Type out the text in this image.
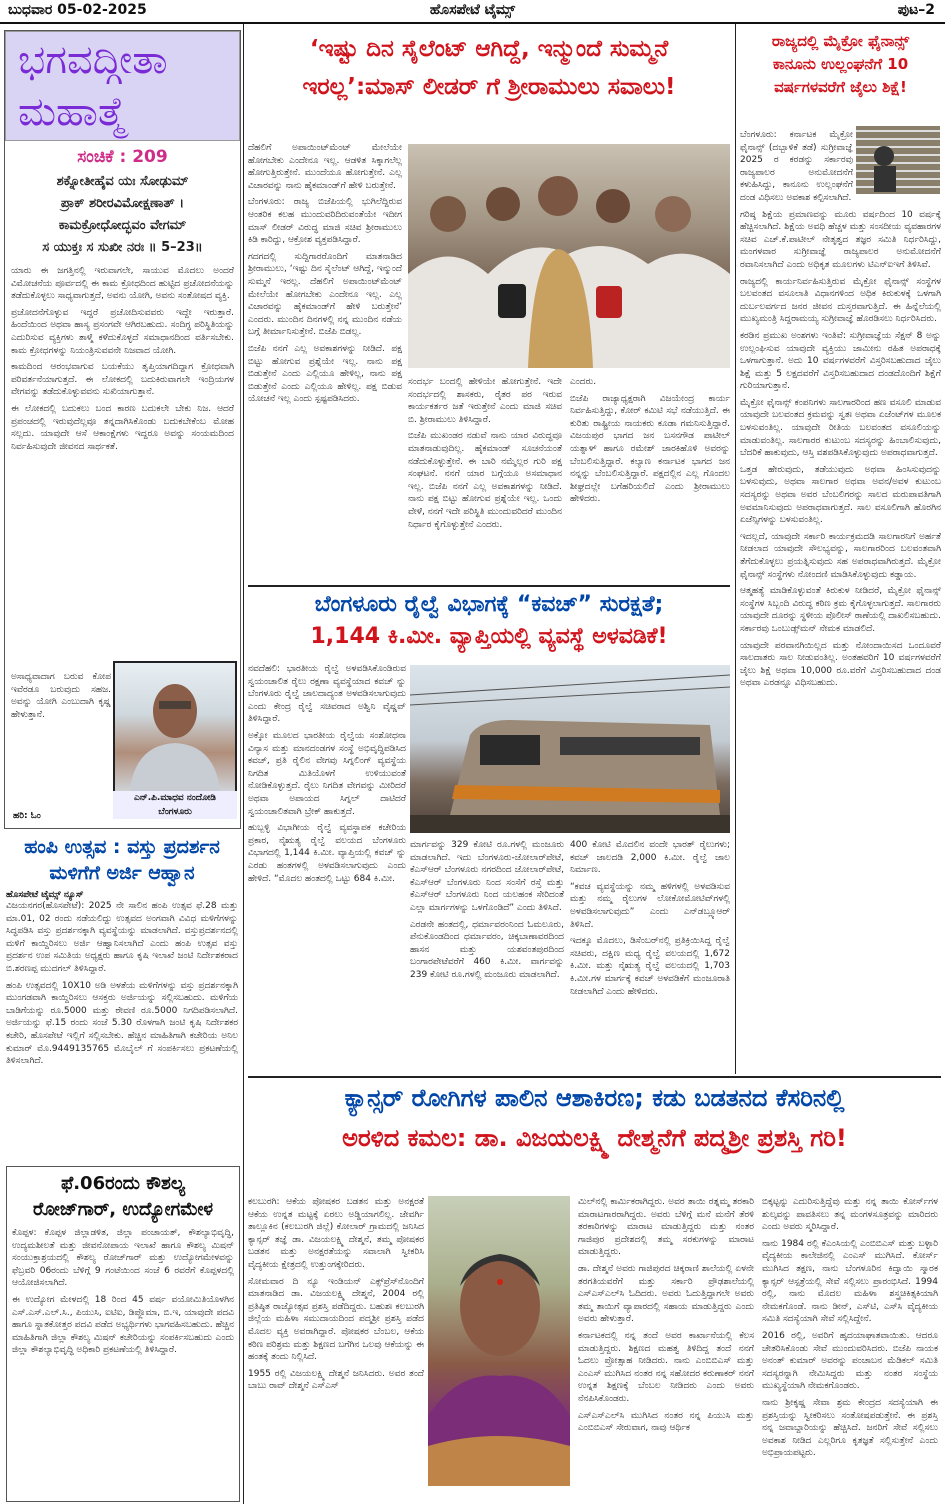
ಬುಧವಾರ 05-02-2025	ಹೊಸಪೇಟೆ ಟೈಮ್ಸ್	ಪುಟ–2
ಭಗವದ್ಗೀತಾ
ಮಹಾತ್ಮೆ
ಸಂಚಿಕೆ : 209
ಶಕ್ನೋತೀಹೈವ ಯಃ ಸೋಢುಮ್
ಪ್ರಾಕ್ ಶರೀರವಿಮೋಕ್ಷಣಾತ್ ।
ಕಾಮಕ್ರೋಧೋದ್ಭವಂ ವೇಗಮ್
ಸ ಯುಕ್ತಃ ಸ ಸುಖೀ ನರಃ ॥ 5–23॥

ಯಾರು ಈ ಜಗತ್ತಿನಲ್ಲಿ ಇರುವಾಗಲೇ, ಸಾಯುವ ಮೊದಲು ಅಂದರೆ ವಿಮೋಚನೆಯ ಪೂರ್ವದಲ್ಲಿ ಈ ಕಾಮ ಕ್ರೋಧದಿಂದ ಹುಟ್ಟಿದ ಪ್ರಚೋದನೆಯನ್ನು ತಡೆದುಕೊಳ್ಳಲು ಸಾಧ್ಯವಾಗುತ್ತದೆ, ಅವನು ಯೋಗಿ, ಅವನು ಸಂತೋಷದ ವ್ಯಕ್ತಿ.

ಪ್ರಚೋದನೆಗೊಳ್ಳುವ ಇದ್ದರೆ ಪ್ರಚೋದಿಸುವವರು ಇದ್ದೇ ಇರುತ್ತಾರೆ. ಹಿಂದೆಯಿಂದ ಅಥವಾ ಹಾಸ್ಯ ಪ್ರಸಂಗವೇ ಆಗಿರಬಹುದು. ಸಂದಿಗ್ಧ ಪರಿಸ್ಥಿತಿಯನ್ನು ಎದುರಿಸುವ ವ್ಯಕ್ತಿಗಳು ತಾಳ್ಮೆ ಕಳೆದುಕೊಳ್ಳದೆ ಸಮಾಧಾನದಿಂದ ವರ್ತಿಸಬೇಕು. ಕಾಮ ಕ್ರೋಧಗಳನ್ನು ನಿಯಂತ್ರಿಸುವವನೇ ನಿಜವಾದ ಯೋಗಿ.

ಕಾಮದಿಂದ ಆರಂಭವಾಗುವ ಬಯಕೆಯು ತೃಪ್ತಿಯಾಗದಿದ್ದಾಗ ಕ್ರೋಧವಾಗಿ ಪರಿವರ್ತನೆಯಾಗುತ್ತದೆ. ಈ ಲೋಕದಲ್ಲಿ ಬದುಕಿರುವಾಗಲೇ ಇಂದ್ರಿಯಗಳ ವೇಗವನ್ನು ತಡೆದುಕೊಳ್ಳುವವನು ಸುಖಿಯಾಗುತ್ತಾನೆ.

ಈ ಲೋಕದಲ್ಲಿ ಬದುಕಲು ಬಂದ ಕಾರಣ ಬದುಕಲೇ ಬೇಕು ನಿಜ. ಆದರೆ ಪ್ರಪಂಚದಲ್ಲಿ ಇರುವುದೆಲ್ಲವೂ ತನ್ನದಾಗಿಸಿಕೊಂಡು ಬದುಕಬೇಕೆಂಬ ಮೋಹ ಸಲ್ಲದು. ಯಾವುದೇ ಆಸೆ ಆಕಾಂಕ್ಷೆಗಳು ಇದ್ದರೂ ಅವನ್ನು ಸಂಯಮದಿಂದ ನಿರ್ವಹಿಸುವುದೇ ಜೀವನದ ಸಾರ್ಥಕತೆ.

ಅಸಾಧ್ಯವಾದಾಗ ಬರುವ ಕೋಪ ಇವೆರಡೂ ಬರುವುದು ಸಹಜ. ಅವನ್ನು ಯೋಗಿ ಎಂಬುದಾಗಿ ಕೃಷ್ಣ ಹೇಳುತ್ತಾನೆ.

ಎನ್.ಪಿ.ಮಾಧವ ನಂದೋಡಿ
ಬೆಂಗಳೂರು
ಹರಿ: ಓಂ
ಹಂಪಿ ಉತ್ಸವ : ವಸ್ತು ಪ್ರದರ್ಶನ
ಮಳಿಗೆಗೆ ಅರ್ಜಿ ಆಹ್ವಾನ
ಹೊಸಪೇಟೆ ಟೈಮ್ಸ್ ನ್ಯೂಸ್

ವಿಜಯನಗರ(ಹೊಸಪೇಟೆ): 2025 ನೇ ಸಾಲಿನ ಹಂಪಿ ಉತ್ಸವ ಫೆ.28 ಮತ್ತು ಮಾ.01, 02 ರಂದು ನಡೆಯಲಿದ್ದು ಉತ್ಸವದ ಅಂಗವಾಗಿ ವಿವಿಧ ಮಳಿಗೆಗಳನ್ನು ಸಿದ್ಧಪಡಿಸಿ ವಸ್ತು ಪ್ರದರ್ಶನಕ್ಕಾಗಿ ವ್ಯವಸ್ಥೆಯನ್ನು ಮಾಡಲಾಗಿದೆ. ವಸ್ತುಪ್ರದರ್ಶನದಲ್ಲಿ ಮಳಿಗೆ ಕಾಯ್ದಿರಿಸಲು ಅರ್ಜಿ ಆಹ್ವಾನಿಸಲಾಗಿದೆ ಎಂದು ಹಂಪಿ ಉತ್ಸವ ವಸ್ತು ಪ್ರದರ್ಶನ ಉಪ ಸಮಿತಿಯ ಅಧ್ಯಕ್ಷರು ಹಾಗೂ ಕೃಷಿ ಇಲಾಖೆ ಜಂಟಿ ನಿರ್ದೇಶಕರಾದ ಬಿ.ಶರಣಪ್ಪ ಮುದಗಲ್ ತಿಳಿಸಿದ್ದಾರೆ.

ಹಂಪಿ ಉತ್ಸವದಲ್ಲಿ 10X10 ಅಡಿ ಅಳತೆಯ ಮಳಿಗೆಗಳನ್ನು ವಸ್ತು ಪ್ರದರ್ಶನಕ್ಕಾಗಿ ಮುಂಗಡವಾಗಿ ಕಾಯ್ದಿರಿಸಲು ಆಸಕ್ತರು ಅರ್ಜಿಯನ್ನು ಸಲ್ಲಿಸಬಹುದು. ಮಳಿಗೆಯ ಬಾಡಿಗೆಯನ್ನು ರೂ.5000 ಮತ್ತು ಠೇವಣಿ ರೂ.5000 ನಿಗದಿಪಡಿಸಲಾಗಿದೆ. ಅರ್ಜಿಯನ್ನು ಫೆ.15 ರಂದು ಸಂಜೆ 5.30 ರೊಳಗಾಗಿ ಜಂಟಿ ಕೃಷಿ ನಿರ್ದೇಶಕರ ಕಚೇರಿ, ಹೊಸಪೇಟೆ ಇಲ್ಲಿಗೆ ಸಲ್ಲಿಸಬೇಕು. ಹೆಚ್ಚಿನ ಮಾಹಿತಿಗಾಗಿ ಕಚೇರಿಯ ಅನಿಲ ಕುಮಾರ್ ಮೊ.9449135765 ಮೊಬೈಲ್ ಗೆ ಸಂಪರ್ಕಿಸಲು ಪ್ರಕಟಣೆಯಲ್ಲಿ ತಿಳಿಸಲಾಗಿದೆ.

ಫೆ.06ರಂದು ಕೌಶಲ್ಯ
ರೋಜ್‌ಗಾರ್, ಉದ್ಯೋಗಮೇಳ

ಕೊಪ್ಪಳ: ಕೊಪ್ಪಳ ಜಿಲ್ಲಾಡಳಿತ, ಜಿಲ್ಲಾ ಪಂಚಾಯತ್, ಕೌಶಲ್ಯಾಭಿವೃದ್ಧಿ, ಉದ್ಯಮಶೀಲತೆ ಮತ್ತು ಜೀವನೋಪಾಯ ಇಲಾಖೆ ಹಾಗೂ ಕೌಶಲ್ಯ ಮಿಷನ್ ಸಂಯುಕ್ತಾಶ್ರಯದಲ್ಲಿ ಕೌಶಲ್ಯ ರೋಜ್‌ಗಾರ್ ಮತ್ತು ಉದ್ಯೋಗಮೇಳವನ್ನು ಫೆಬ್ರವರಿ 06ರಂದು ಬೆಳಿಗ್ಗೆ 9 ಗಂಟೆಯಿಂದ ಸಂಜೆ 6 ರವರೆಗೆ ಕೊಪ್ಪಳದಲ್ಲಿ ಆಯೋಜಿಸಲಾಗಿದೆ.

ಈ ಉದ್ಯೋಗ ಮೇಳದಲ್ಲಿ 18 ರಿಂದ 45 ವರ್ಷ ವಯೋಮಿತಿಯೊಳಗಿನ ಎಸ್.ಎಸ್.ಎಲ್.ಸಿ., ಪಿಯುಸಿ, ಐಟಿಐ, ಡಿಪ್ಲೊಮಾ, ಬಿ.ಇ, ಯಾವುದೇ ಪದವಿ ಹಾಗೂ ಸ್ನಾತಕೋತ್ತರ ಪದವಿ ಪಡೆದ ಅಭ್ಯರ್ಥಿಗಳು ಭಾಗವಹಿಸಬಹುದು. ಹೆಚ್ಚಿನ ಮಾಹಿತಿಗಾಗಿ ಜಿಲ್ಲಾ ಕೌಶಲ್ಯ ಮಿಷನ್ ಕಚೇರಿಯನ್ನು ಸಂಪರ್ಕಿಸಬಹುದು ಎಂದು ಜಿಲ್ಲಾ ಕೌಶಲ್ಯಾಭಿವೃದ್ಧಿ ಅಧಿಕಾರಿ ಪ್ರಕಟಣೆಯಲ್ಲಿ ತಿಳಿಸಿದ್ದಾರೆ.

‘ಇಷ್ಟು ದಿನ ಸೈಲೆಂಟ್ ಆಗಿದ್ದೆ, ಇನ್ಮುಂದೆ ಸುಮ್ಮನೆ
ಇರಲ್ಲ’:ಮಾಸ್ ಲೀಡರ್ ಗೆ ಶ್ರೀರಾಮುಲು ಸವಾಲು!

ದೆಹಲಿಗೆ ಅಪಾಯಿಂಟ್‌ಮೆಂಟ್ ಮೇಲೆಯೇ ಹೋಗಬೇಕು ಎಂದೇನೂ ಇಲ್ಲ. ಆಡಳಿತ ಸಿಕ್ಕಾಗಲೆಲ್ಲ ಹೋಗುತ್ತಿರುತ್ತೇನೆ. ಮುಂದೆಯೂ ಹೋಗುತ್ತೇನೆ. ಎಲ್ಲ ವಿಚಾರವನ್ನು ನಾನು ಹೈಕಮಾಂಡ್‌ಗೆ ಹೇಳಿ ಬರುತ್ತೇನೆ.

ಬೆಂಗಳೂರು: ರಾಜ್ಯ ಬಿಜೆಪಿಯಲ್ಲಿ ಭುಗಿಲೆದ್ದಿರುವ ಆಂತರಿಕ ಕಲಹ ಮುಂದುವರಿದಿರುವಂತೆಯೇ ಇದೀಗ ಮಾಸ್ ಲೀಡರ್ ವಿರುದ್ಧ ಮಾಜಿ ಸಚಿವ ಶ್ರೀರಾಮುಲು ಕಿಡಿ ಕಾರಿದ್ದು, ಆಕ್ರೋಶ ವ್ಯಕ್ತಪಡಿಸಿದ್ದಾರೆ.

ಗದಗದಲ್ಲಿ ಸುದ್ದಿಗಾರರೊಂದಿಗೆ ಮಾತನಾಡಿದ ಶ್ರೀರಾಮುಲು, ‘ಇಷ್ಟು ದಿನ ಸೈಲೆಂಟ್ ಆಗಿದ್ದೆ, ಇನ್ಮುಂದೆ ಸುಮ್ಮನೆ ಇರಲ್ಲ. ದೆಹಲಿಗೆ ಅಪಾಯಿಂಟ್‌ಮೆಂಟ್ ಮೇಲೆಯೇ ಹೋಗಬೇಕು ಎಂದೇನೂ ಇಲ್ಲ. ಎಲ್ಲ ವಿಚಾರವನ್ನು ಹೈಕಮಾಂಡ್‌ಗೆ ಹೇಳಿ ಬರುತ್ತೇನೆ’ ಎಂದರು. ಮುಂದಿನ ದಿನಗಳಲ್ಲಿ ನನ್ನ ಮುಂದಿನ ನಡೆಯ ಬಗ್ಗೆ ತೀರ್ಮಾನಿಸುತ್ತೇನೆ. ಬಿಜೆಪಿ ಬಿಡಲ್ಲ.

ಬಿಜೆಪಿ ನನಗೆ ಎಲ್ಲ ಅವಕಾಶಗಳನ್ನು ನೀಡಿದೆ. ಪಕ್ಷ ಬಿಟ್ಟು ಹೋಗುವ ಪ್ರಶ್ನೆಯೇ ಇಲ್ಲ. ನಾನು ಪಕ್ಷ ಬಿಡುತ್ತೇನೆ ಎಂದು ಎಲ್ಲಿಯೂ ಹೇಳಿಲ್ಲ, ನಾನು ಪಕ್ಷ ಬಿಡುತ್ತೇನೆ ಎಂದು ಎಲ್ಲಿಯೂ ಹೇಳಿಲ್ಲ. ಪಕ್ಷ ಬಿಡುವ ಯೋಚನೆ ಇಲ್ಲ ಎಂದು ಸ್ಪಷ್ಟಪಡಿಸಿದರು.

ಸಂದರ್ಭ ಬಂದಲ್ಲಿ ಹೇಳಿಯೇ ಹೋಗುತ್ತೇನೆ. ಇದೇ ಸಂದರ್ಭದಲ್ಲಿ ಶಾಸಕರು, ರೈತರ ಪರ ಇರುವ ಕಾರ್ಯಕರ್ತರ ಜತೆ ಇರುತ್ತೇನೆ ಎಂದು ಮಾಜಿ ಸಚಿವ ಬಿ. ಶ್ರೀರಾಮುಲು ತಿಳಿಸಿದ್ದಾರೆ.

ಬಿಜೆಪಿ ಮುಖಂಡರ ನಡುವೆ ನಾನು ಯಾರ ವಿರುದ್ಧವೂ ಮಾತನಾಡುವುದಿಲ್ಲ. ಹೈಕಮಾಂಡ್ ಸೂಚನೆಯಂತೆ ನಡೆದುಕೊಳ್ಳುತ್ತೇನೆ. ಈ ಬಾರಿ ನಮ್ಮೆಲ್ಲರ ಗುರಿ ಪಕ್ಷ ಸಂಘಟನೆ. ನನಗೆ ಯಾರ ಬಗ್ಗೆಯೂ ಅಸಮಾಧಾನ ಇಲ್ಲ. ಬಿಜೆಪಿ ನನಗೆ ಎಲ್ಲ ಅವಕಾಶಗಳನ್ನು ನೀಡಿದೆ. ನಾನು ಪಕ್ಷ ಬಿಟ್ಟು ಹೋಗುವ ಪ್ರಶ್ನೆಯೇ ಇಲ್ಲ. ಒಂದು ವೇಳೆ, ನನಗೆ ಇದೇ ಪರಿಸ್ಥಿತಿ ಮುಂದುವರಿದರೆ ಮುಂದಿನ ನಿರ್ಧಾರ ಕೈಗೊಳ್ಳುತ್ತೇನೆ ಎಂದರು.

ಎಂದರು.

ಬಿಜೆಪಿ ರಾಜ್ಯಾಧ್ಯಕ್ಷರಾಗಿ ವಿಜಯೇಂದ್ರ ಕಾರ್ಯ ನಿರ್ವಹಿಸುತ್ತಿದ್ದು, ಕೋರ್ ಕಮಿಟಿ ಸಭೆ ನಡೆಯುತ್ತಿದೆ. ಈ ಕುರಿತು ರಾಷ್ಟ್ರೀಯ ನಾಯಕರು ಕೂಡಾ ಗಮನಿಸುತ್ತಿದ್ದಾರೆ. ವಿಜಯಪುರ ಭಾಗದ ಜನ ಬಸನಗೌಡ ಪಾಟೀಲ್ ಯತ್ನಾಳ್ ಹಾಗೂ ರಮೇಶ್ ಜಾರಕಿಹೊಳಿ ಅವರನ್ನು ಬೆಂಬಲಿಸುತ್ತಿದ್ದಾರೆ. ಕಲ್ಯಾಣ ಕರ್ನಾಟಕ ಭಾಗದ ಜನ ನನ್ನನ್ನು ಬೆಂಬಲಿಸುತ್ತಿದ್ದಾರೆ. ಪಕ್ಷದಲ್ಲಿನ ಎಲ್ಲ ಗೊಂದಲ ಶೀಘ್ರದಲ್ಲೇ ಬಗೆಹರಿಯಲಿದೆ ಎಂದು ಶ್ರೀರಾಮುಲು ಹೇಳಿದರು.

ಬೆಂಗಳೂರು ರೈಲ್ವೆ ವಿಭಾಗಕ್ಕೆ “ಕವಚ್” ಸುರಕ್ಷತೆ;
1,144 ಕಿ.ಮೀ. ವ್ಯಾಪ್ತಿಯಲ್ಲಿ ವ್ಯವಸ್ಥೆ ಅಳವಡಿಕೆ!

ನವದೆಹಲಿ: ಭಾರತೀಯ ರೈಲ್ವೆ ಅಳವಡಿಸಿಕೊಂಡಿರುವ ಸ್ವಯಂಚಾಲಿತ ರೈಲು ರಕ್ಷಣಾ ವ್ಯವಸ್ಥೆಯಾದ ಕವಚ್ ನ್ನು ಬೆಂಗಳೂರು ರೈಲ್ವೆ ಜಾಲದಾದ್ಯಂತ ಅಳವಡಿಸಲಾಗುವುದು ಎಂದು ಕೇಂದ್ರ ರೈಲ್ವೆ ಸಚಿವರಾದ ಅಶ್ವಿನಿ ವೈಷ್ಣವ್ ತಿಳಿಸಿದ್ದಾರೆ.

ಅಕ್ಕೋ ಮೂಲದ ಭಾರತೀಯ ರೈಲ್ವೆಯ ಸಂಶೋಧನಾ ವಿನ್ಯಾಸ ಮತ್ತು ಮಾನದಂಡಗಳ ಸಂಸ್ಥೆ ಅಭಿವೃದ್ಧಿಪಡಿಸಿದ ಕವಚ್, ಪ್ರತಿ ರೈಲಿನ ವೇಗವು ಸಿಗ್ನಲಿಂಗ್ ವ್ಯವಸ್ಥೆಯ ನಿಗದಿತ ಮಿತಿಯೊಳಗೆ ಉಳಿಯುವಂತೆ ನೋಡಿಕೊಳ್ಳುತ್ತದೆ. ರೈಲು ನಿಗದಿತ ವೇಗವನ್ನು ಮೀರಿದರೆ ಅಥವಾ ಅಪಾಯದ ಸಿಗ್ನಲ್ ದಾಟಿದರೆ ಸ್ವಯಂಚಾಲಿತವಾಗಿ ಬ್ರೇಕ್ ಹಾಕುತ್ತದೆ.

ಹುಬ್ಬಳ್ಳಿ ವಿಭಾಗೀಯ ರೈಲ್ವೆ ವ್ಯವಸ್ಥಾಪಕ ಕಚೇರಿಯ ಪ್ರಕಾರ, ನೈಋತ್ಯ ರೈಲ್ವೆ ವಲಯದ ಬೆಂಗಳೂರು ವಿಭಾಗದಲ್ಲಿ 1,144 ಕಿ.ಮೀ. ವ್ಯಾಪ್ತಿಯಲ್ಲಿ ಕವಚ್ ನ್ನು ಎರಡು ಹಂತಗಳಲ್ಲಿ ಅಳವಡಿಸಲಾಗುವುದು ಎಂದು ಹೇಳಿದೆ. “ಮೊದಲ ಹಂತದಲ್ಲಿ ಒಟ್ಟು 684 ಕಿ.ಮೀ.

ಮಾರ್ಗವನ್ನು 329 ಕೋಟಿ ರೂ.ಗಳಲ್ಲಿ ಮಂಜೂರು ಮಾಡಲಾಗಿದೆ. ಇದು ಬೆಂಗಳೂರು-ಜೋಲಾರ್‌ಪೇಟೆ, ಕೆಎಸ್‌ಆರ್ ಬೆಂಗಳೂರು ನಗರದಿಂದ ಜೋಲಾರ್‌ಪೇಟೆ, ಕೆಎಸ್‌ಆರ್ ಬೆಂಗಳೂರು ನಿಂದ ಸಂಸೆಗೆ ರಸ್ತೆ ಮತ್ತು ಕೆಎಸ್‌ಆರ್ ಬೆಂಗಳೂರು ನಿಂದ ಯಲಹಂಕ ಸೇರಿದಂತೆ ಎಲ್ಲಾ ಮಾರ್ಗಗಳನ್ನು ಒಳಗೊಂಡಿದೆ” ಎಂದು ತಿಳಿಸಿದೆ.

ಎರಡನೇ ಹಂತದಲ್ಲಿ, ಧರ್ಮಾವರಂನಿಂದ ಓಮಲೂರು, ಪೆನುಕೊಂಡದಿಂದ ಧರ್ಮಾವರಂ, ಚಿಕ್ಕಬಾಣಾವರದಿಂದ ಹಾಸನ ಮತ್ತು ಯಶವಂತಪುರದಿಂದ ಬಂಗಾರಪೇಟೆವರೆಗೆ 460 ಕಿ.ಮೀ. ವಾರ್ಗವನ್ನು 239 ಕೋಟಿ ರೂ.ಗಳಲ್ಲಿ ಮಂಜೂರು ಮಾಡಲಾಗಿದೆ.

400 ಕೋಟಿ ಮೊದಲಿನ ವಂದೇ ಭಾರತ್ ರೈಲುಗಳು; ಕವಚ್ ಜಾಲದಡಿ 2,000 ಕಿ.ಮೀ. ರೈಲ್ವೆ ಜಾಲ ನಿರ್ಮಾಣ.

“ಕವಚ ವ್ಯವಸ್ಥೆಯನ್ನು ನಮ್ಮ ಹಳಿಗಳಲ್ಲಿ ಅಳವಡಿಸುವ ಮತ್ತು ನಮ್ಮ ರೈಲುಗಳ ಲೋಕೋಮೋಟಿವ್‌ಗಳಲ್ಲಿ ಅಳವಡಿಸಲಾಗುವುದು” ಎಂದು ಎನ್‌ಡಬ್ಲ್ಯೂಆರ್ ತಿಳಿಸಿದೆ.

ಇದಕ್ಕೂ ಮೊದಲು, ಡಿಸೆಂಬರ್‌ನಲ್ಲಿ ಪ್ರತಿಕ್ರಿಯಿಸಿದ್ದ ರೈಲ್ವೆ ಸಚಿವರು, ದಕ್ಷಿಣ ಮಧ್ಯ ರೈಲ್ವೆ ವಲಯದಲ್ಲಿ 1,672 ಕಿ.ಮೀ. ಮತ್ತು ನೈಋತ್ಯ ರೈಲ್ವೆ ವಲಯದಲ್ಲಿ 1,703 ಕಿ.ಮೀ.ಗಳ ಮಾರ್ಗಕ್ಕೆ ಕವಚ್ ಅಳವಡಿಕೆಗೆ ಮಂಜೂರಾತಿ ನೀಡಲಾಗಿದೆ ಎಂದು ಹೇಳಿದರು.

ರಾಜ್ಯದಲ್ಲಿ ಮೈಕ್ರೋ ಫೈನಾನ್ಸ್
ಕಾನೂನು ಉಲ್ಲಂಘನೆಗೆ 10
ವರ್ಷಗಳವರೆಗೆ ಜೈಲು ಶಿಕ್ಷೆ!

ಬೆಂಗಳೂರು: ಕರ್ನಾಟಕ ಮೈಕ್ರೋ ಫೈನಾನ್ಸ್ (ದಬ್ಬಾಳಿಕೆ ತಡೆ) ಸುಗ್ರೀವಾಜ್ಞೆ 2025 ರ ಕರಡನ್ನು ಸರ್ಕಾರವು ರಾಜ್ಯಪಾಲರ ಅನುಮೋದನೆಗೆ ಕಳುಹಿಸಿದ್ದು, ಕಾನೂನು ಉಲ್ಲಂಘನೆಗೆ ದಂಡ ವಿಧಿಸಲು ಅವಕಾಶ ಕಲ್ಪಿಸಲಾಗಿದೆ.

ಗರಿಷ್ಠ ಶಿಕ್ಷೆಯ ಪ್ರಮಾಣವನ್ನು ಮೂರು ವರ್ಷದಿಂದ 10 ವರ್ಷಕ್ಕೆ ಹೆಚ್ಚಿಸಲಾಗಿದೆ. ಶಿಕ್ಷೆಯ ಅವಧಿ ಹೆಚ್ಚಳ ಮತ್ತು ಸಂಸದೀಯ ವ್ಯವಹಾರಗಳ ಸಚಿವ ಎಚ್.ಕೆ.ಪಾಟೀಲ್ ನೇತೃತ್ವದ ತಜ್ಞರ ಸಮಿತಿ ನಿರ್ಧರಿಸಿದ್ದು, ಮಂಗಳವಾರ ಸುಗ್ರೀವಾಜ್ಞೆ ರಾಜ್ಯಪಾಲರ ಅನುಮೋದನೆಗೆ ರವಾನಿಸಲಾಗಿದೆ ಎಂದು ಅಧಿಕೃತ ಮೂಲಗಳು ಟಿಎನ್ಐಇಗೆ ತಿಳಿಸಿವೆ.

ರಾಜ್ಯದಲ್ಲಿ ಕಾರ್ಯನಿರ್ವಹಿಸುತ್ತಿರುವ ಮೈಕ್ರೋ ಫೈನಾನ್ಸ್ ಸಂಸ್ಥೆಗಳ ಬಲವಂತದ ವಸೂಲಾತಿ ವಿಧಾನಗಳಿಂದ ಅಧಿಕ ಕಿರುಕುಳಕ್ಕೆ ಒಳಗಾಗಿ ದುರ್ಬಲವರ್ಗದ ಜನರ ಜೀವನ ದುಸ್ತರವಾಗುತ್ತಿದೆ. ಈ ಹಿನ್ನೆಲೆಯಲ್ಲಿ ಮುಖ್ಯಮಂತ್ರಿ ಸಿದ್ದರಾಮಯ್ಯ ಸುಗ್ರೀವಾಜ್ಞೆ ಹೊರಡಿಸಲು ನಿರ್ಧರಿಸಿದರು.

ಕರಡಿನ ಪ್ರಮುಖ ಅಂಶಗಳು ಇಂತಿವೆ: ಸುಗ್ರೀವಾಜ್ಞೆಯ ಸೆಕ್ಷನ್ 8 ಅನ್ನು ಉಲ್ಲಂಘಿಸುವ ಯಾವುದೇ ವ್ಯಕ್ತಿಯು ಜಾಮೀನು ರಹಿತ ಅಪರಾಧಕ್ಕೆ ಒಳಗಾಗುತ್ತಾನೆ. ಅದು 10 ವರ್ಷಗಳವರೆಗೆ ವಿಸ್ತರಿಸಬಹುದಾದ ಜೈಲು ಶಿಕ್ಷೆ ಮತ್ತು 5 ಲಕ್ಷದವರೆಗೆ ವಿಸ್ತರಿಸಬಹುದಾದ ದಂಡದೊಂದಿಗೆ ಶಿಕ್ಷೆಗೆ ಗುರಿಯಾಗುತ್ತಾನೆ.

ಮೈಕ್ರೋ ಫೈನಾನ್ಸ್ ಕಂಪನಿಗಳು ಸಾಲಗಾರರಿಂದ ಹಣ ವಸೂಲಿ ಮಾಡುವ ಯಾವುದೇ ಬಲವಂತದ ಕ್ರಮವನ್ನು ಸ್ವತಃ ಅಥವಾ ಏಜೆಂಟ್‌ಗಳ ಮೂಲಕ ಬಳಸುವಂತಿಲ್ಲ. ಯಾವುದೇ ರೀತಿಯ ಬಲವಂತದ ವಸೂಲಿಯನ್ನು ಮಾಡುವಂತಿಲ್ಲ. ಸಾಲಗಾರರ ಕುಟುಂಬ ಸದಸ್ಯರನ್ನು ಹಿಂಬಾಲಿಸುವುದು, ಬೆದರಿಕೆ ಹಾಕುವುದು, ಆಸ್ತಿ ವಶಪಡಿಸಿಕೊಳ್ಳುವುದು ಅಪರಾಧವಾಗುತ್ತದೆ.

ಒತ್ತಡ ಹೇರುವುದು, ತಡೆಯುವುದು ಅಥವಾ ಹಿಂಸಿಸುವುದನ್ನು ಬಳಸುವುದು, ಅಥವಾ ಸಾಲಗಾರ ಅಥವಾ ಅವನ/ಅವಳ ಕುಟುಂಬ ಸದಸ್ಯರನ್ನು ಅಥವಾ ಅವರ ಬೆಂಬಲಿಗರನ್ನು ಸಾಲದ ಮರುಪಾವತಿಗಾಗಿ ಅವಮಾನಿಸುವುದು ಅಪರಾಧವಾಗುತ್ತದೆ. ಸಾಲ ವಸೂಲಿಗಾಗಿ ಹೊರಗಿನ ಏಜೆನ್ಸಿಗಳನ್ನು ಬಳಸುವಂತಿಲ್ಲ.

ಇದಲ್ಲದೆ, ಯಾವುದೇ ಸರ್ಕಾರಿ ಕಾರ್ಯಕ್ರಮದಡಿ ಸಾಲಗಾರನಿಗೆ ಅರ್ಹತೆ ನೀಡಲಾದ ಯಾವುದೇ ಸೌಲಭ್ಯವನ್ನು, ಸಾಲಗಾರರಿಂದ ಬಲವಂತವಾಗಿ ತೆಗೆದುಕೊಳ್ಳಲು ಪ್ರಯತ್ನಿಸುವುದು ಸಹ ಅಪರಾಧವಾಗಿರುತ್ತದೆ. ಮೈಕ್ರೋ ಫೈನಾನ್ಸ್ ಸಂಸ್ಥೆಗಳು ನೋಂದಣಿ ಮಾಡಿಸಿಕೊಳ್ಳುವುದು ಕಡ್ಡಾಯ.

ಆತ್ಮಹತ್ಯೆ ಮಾಡಿಕೊಳ್ಳುವಂತೆ ಕಿರುಕುಳ ನೀಡಿದರೆ, ಮೈಕ್ರೋ ಫೈನಾನ್ಸ್ ಸಂಸ್ಥೆಗಳ ಸಿಬ್ಬಂದಿ ವಿರುದ್ಧ ಕಠಿಣ ಕ್ರಮ ಕೈಗೊಳ್ಳಲಾಗುತ್ತದೆ. ಸಾಲಗಾರರು ಯಾವುದೇ ದೂರನ್ನು ಸ್ಥಳೀಯ ಪೊಲೀಸ್ ಠಾಣೆಯಲ್ಲಿ ದಾಖಲಿಸಬಹುದು. ಸರ್ಕಾರವು ಒಂಬುಡ್ಸ್‌ಮನ್ ನೇಮಕ ಮಾಡಲಿದೆ.

ಯಾವುದೇ ಪರವಾನಗಿಯಿಲ್ಲದ ಮತ್ತು ನೋಂದಾಯಿಸದ ಒಂದೂವರೆ ಸಾಲದಾತರು ಸಾಲ ನೀಡುವಂತಿಲ್ಲ. ಅಂತಹವರಿಗೆ 10 ವರ್ಷಗಳವರೆಗೆ ಜೈಲು ಶಿಕ್ಷೆ ಅಥವಾ 10,000 ರೂ.ವರೆಗೆ ವಿಸ್ತರಿಸಬಹುದಾದ ದಂಡ ಅಥವಾ ಎರಡನ್ನೂ ವಿಧಿಸಬಹುದು.

ಕ್ಯಾನ್ಸರ್ ರೋಗಿಗಳ ಪಾಲಿನ ಆಶಾಕಿರಣ; ಕಡು ಬಡತನದ ಕೆಸರಿನಲ್ಲಿ
ಅರಳಿದ ಕಮಲ: ಡಾ. ವಿಜಯಲಕ್ಷ್ಮಿ ದೇಶ್ಮನೆಗೆ ಪದ್ಮಶ್ರೀ ಪ್ರಶಸ್ತಿ ಗರಿ!

ಕಲಬುರಗಿ: ಆಕೆಯ ಪೋಷಕರ ಬಡತನ ಮತ್ತು ಅನಕ್ಷರತೆ ಆಕೆಯ ಉನ್ನತ ಮಟ್ಟಕ್ಕೆ ಏರಲು ಅಡ್ಡಿಯಾಗಲಿಲ್ಲ. ಜೇವರ್ಗಿ ತಾಲ್ಲೂಕಿನ (ಕಲಬುರಗಿ ಜಿಲ್ಲೆ) ಕೋಲಾರ್ ಗ್ರಾಮದಲ್ಲಿ ಜನಿಸಿದ ಕ್ಯಾನ್ಸರ್ ತಜ್ಞೆ ಡಾ. ವಿಜಯಲಕ್ಷ್ಮಿ ದೇಶ್ಮನೆ, ತಮ್ಮ ಪೋಷಕರ ಬಡತನ ಮತ್ತು ಅನಕ್ಷರತೆಯನ್ನು ಸವಾಲಾಗಿ ಸ್ವೀಕರಿಸಿ ವೈದ್ಯಕೀಯ ಕ್ಷೇತ್ರದಲ್ಲಿ ಉತ್ತುಂಗಕ್ಕೇರಿದರು.

ಸೋಮವಾರ ದಿ ನ್ಯೂ ಇಂಡಿಯನ್ ಎಕ್ಸ್‌ಪ್ರೆಸ್‌ನೊಂದಿಗೆ ಮಾತನಾಡಿದ ಡಾ. ವಿಜಯಲಕ್ಷ್ಮಿ ದೇಶ್ಮನೆ, 2004 ರಲ್ಲಿ ಪ್ರತಿಷ್ಠಿತ ರಾಜ್ಯೋತ್ಸವ ಪ್ರಶಸ್ತಿ ಪಡೆದಿದ್ದರು. ಬಹುಶಃ ಕಲಬುರಗಿ ಜಿಲ್ಲೆಯ ಮಹಿಳಾ ಸಮುದಾಯದಿಂದ ಪದ್ಮಶ್ರೀ ಪ್ರಶಸ್ತಿ ಪಡೆದ ಮೊದಲ ವ್ಯಕ್ತಿ ಅವರಾಗಿದ್ದಾರೆ. ಪೋಷಕರ ಬೆಂಬಲ, ಆಕೆಯ ಕಠಿಣ ಪರಿಶ್ರಮ ಮತ್ತು ಶಿಕ್ಷಣದ ಬಗೆಗಿನ ಒಲವು ಆಕೆಯನ್ನು ಈ ಹಂತಕ್ಕೆ ತಂದು ನಿಲ್ಲಿಸಿದೆ.

1955 ರಲ್ಲಿ ವಿಜಯಲಕ್ಷ್ಮಿ ದೇಶ್ಮನೆ ಜನಿಸಿದರು. ಅವರ ತಂದೆ ಬಾಬು ರಾವ್ ದೇಶ್ಮನೆ ಎಸ್ಎಸ್

ಮಿಲ್‌ನಲ್ಲಿ ಕಾರ್ಮಿಕರಾಗಿದ್ದರು. ಅವರ ತಾಯಿ ರತ್ನಮ್ಮ ತರಕಾರಿ ಮಾರಾಟಗಾರರಾಗಿದ್ದರು. ಅವರು ಬೆಳಿಗ್ಗೆ ಮನೆ ಮನೆಗೆ ತೆರಳಿ ತರಕಾರಿಗಳನ್ನು ಮಾರಾಟ ಮಾಡುತ್ತಿದ್ದರು ಮತ್ತು ನಂತರ ಗಾಜಿಪುರ ಪ್ರದೇಶದಲ್ಲಿ ತಮ್ಮ ಸರಕುಗಳನ್ನು ಮಾರಾಟ ಮಾಡುತ್ತಿದ್ದರು.

ಡಾ. ದೇಶ್ಮನೆ ಅವರು ಗಾಜಿಪುರದ ಚಿಕ್ಕರಾಣಿ ಶಾಲೆಯಲ್ಲಿ ಏಳನೇ ತರಗತಿಯವರೆಗೆ ಮತ್ತು ಸರ್ಕಾರಿ ಪ್ರೌಢಶಾಲೆಯಲ್ಲಿ ಎಸ್‌ಎಸ್‌ಎಲ್‌ಸಿ ಓದಿದರು. ಅವರು ಓದುತ್ತಿದ್ದಾಗಲೇ ಅವರು ತಮ್ಮ ತಾಯಿಗೆ ವ್ಯಾಪಾರದಲ್ಲಿ ಸಹಾಯ ಮಾಡುತ್ತಿದ್ದರು ಎಂದು ಅವರು ಹೇಳುತ್ತಾರೆ.

ಕರ್ನಾಟಕದಲ್ಲಿ ನನ್ನ ತಂದೆ ಅವರ ಕಾರ್ಖಾನೆಯಲ್ಲಿ ಕೆಲಸ ಮಾಡುತ್ತಿದ್ದರು. ಶಿಕ್ಷಣದ ಮಹತ್ವ ತಿಳಿದಿದ್ದ ತಂದೆ ನನಗೆ ಓದಲು ಪ್ರೋತ್ಸಾಹ ನೀಡಿದರು. ನಾನು ಎಂಬಿಬಿಎಸ್ ಮತ್ತು ಎಂಎಸ್ ಮುಗಿಸಿದ ನಂತರ ನನ್ನ ಸಹೋದರ ಕರುಣಾಕರ್ ನನಗೆ ಉನ್ನತ ಶಿಕ್ಷಣಕ್ಕೆ ಬೆಂಬಲ ನೀಡಿದರು ಎಂದು ಅವರು ನೆನಪಿಸಿಕೊಂಡರು.

ಎಸ್‌ಎಸ್‌ಎಲ್‌ಸಿ ಮುಗಿಸಿದ ನಂತರ ನನ್ನ ಪಿಯುಸಿ ಮತ್ತು ಎಂಬಿಬಿಎಸ್ ಸೇರುವಾಗ, ನಾವು ಆರ್ಥಿಕ

ಬಿಕ್ಕಟ್ಟನ್ನು ಎದುರಿಸುತ್ತಿದ್ದೆವು ಮತ್ತು ನನ್ನ ತಾಯಿ ಕೋರ್ಸ್‌ಗಳ ಶುಲ್ಕವನ್ನು ಪಾವತಿಸಲು ತನ್ನ ಮಂಗಳಸೂತ್ರವನ್ನು ಮಾರಿದರು ಎಂದು ಅವರು ಸ್ಮರಿಸಿದ್ದಾರೆ.

ನಾನು 1984 ರಲ್ಲಿ ಕೆಎಂಸಿಯಲ್ಲಿ ಎಂಬಿಬಿಎಸ್ ಮತ್ತು ಬಳ್ಳಾರಿ ವೈದ್ಯಕೀಯ ಕಾಲೇಜಿನಲ್ಲಿ ಎಂಎಸ್ ಮುಗಿಸಿದೆ. ಕೋರ್ಸ್ ಮುಗಿಸಿದ ತಕ್ಷಣ, ನಾನು ಬೆಂಗಳೂರಿನ ಕಿದ್ವಾಯಿ ಸ್ಮಾರಕ ಕ್ಯಾನ್ಸರ್ ಆಸ್ಪತ್ರೆಯಲ್ಲಿ ಸೇವೆ ಸಲ್ಲಿಸಲು ಪ್ರಾರಂಭಿಸಿದೆ. 1994 ರಲ್ಲಿ, ನಾನು ಮೊದಲ ಮಹಿಳಾ ಶಸ್ತ್ರಚಿಕಿತ್ಸಕಿಯಾಗಿ ನೇಮಕಗೊಂಡೆ. ನಾನು ಡೀನ್, ಎಸ್‌ಟಿ, ಎಸ್‌ಸಿ ವೈದ್ಯಕೀಯ ಸಮಿತಿ ಸದಸ್ಯೆಯಾಗಿ ಸೇವೆ ಸಲ್ಲಿಸಿದ್ದೇನೆ.

2016 ರಲ್ಲಿ, ಅವರಿಗೆ ಹೃದಯಾಘಾತವಾಯಿತು. ಆದರೂ ಚೇತರಿಸಿಕೊಂಡು ಸೇವೆ ಮುಂದುವರಿಸಿದರು. ಬಿಜೆಪಿ ನಾಯಕ ಅನಂತ್ ಕುಮಾರ್ ಅವರನ್ನು ಪಂಚಾಬನ ಮೆಡಿಕಲ್ ಸಮಿತಿ ಸದಸ್ಯರನ್ನಾಗಿ ನೇಮಿಸಿದ್ದರು ಮತ್ತು ನಂತರ ಸಂಸ್ಥೆಯ ಮುಖ್ಯಸ್ಥೆಯಾಗಿ ನೇಮಕಗೊಂಡರು.

ನಾನು ಶ್ರೀಕೃಷ್ಣ ಸೇವಾ ಶ್ರಮ ಕೇಂದ್ರದ ಸದಸ್ಯೆಯಾಗಿ ಈ ಪ್ರಶಸ್ತಿಯನ್ನು ಸ್ವೀಕರಿಸಲು ಸಂತೋಷಪಡುತ್ತೇನೆ. ಈ ಪ್ರಶಸ್ತಿ ನನ್ನ ಜವಾಬ್ದಾರಿಯನ್ನು ಹೆಚ್ಚಿಸಿದೆ. ಜನರಿಗೆ ಸೇವೆ ಸಲ್ಲಿಸಲು ಅವಕಾಶ ನೀಡಿದ ಎಲ್ಲರಿಗೂ ಕೃತಜ್ಞತೆ ಸಲ್ಲಿಸುತ್ತೇನೆ ಎಂದು ಅಭಿಪ್ರಾಯಪಟ್ಟರು.
